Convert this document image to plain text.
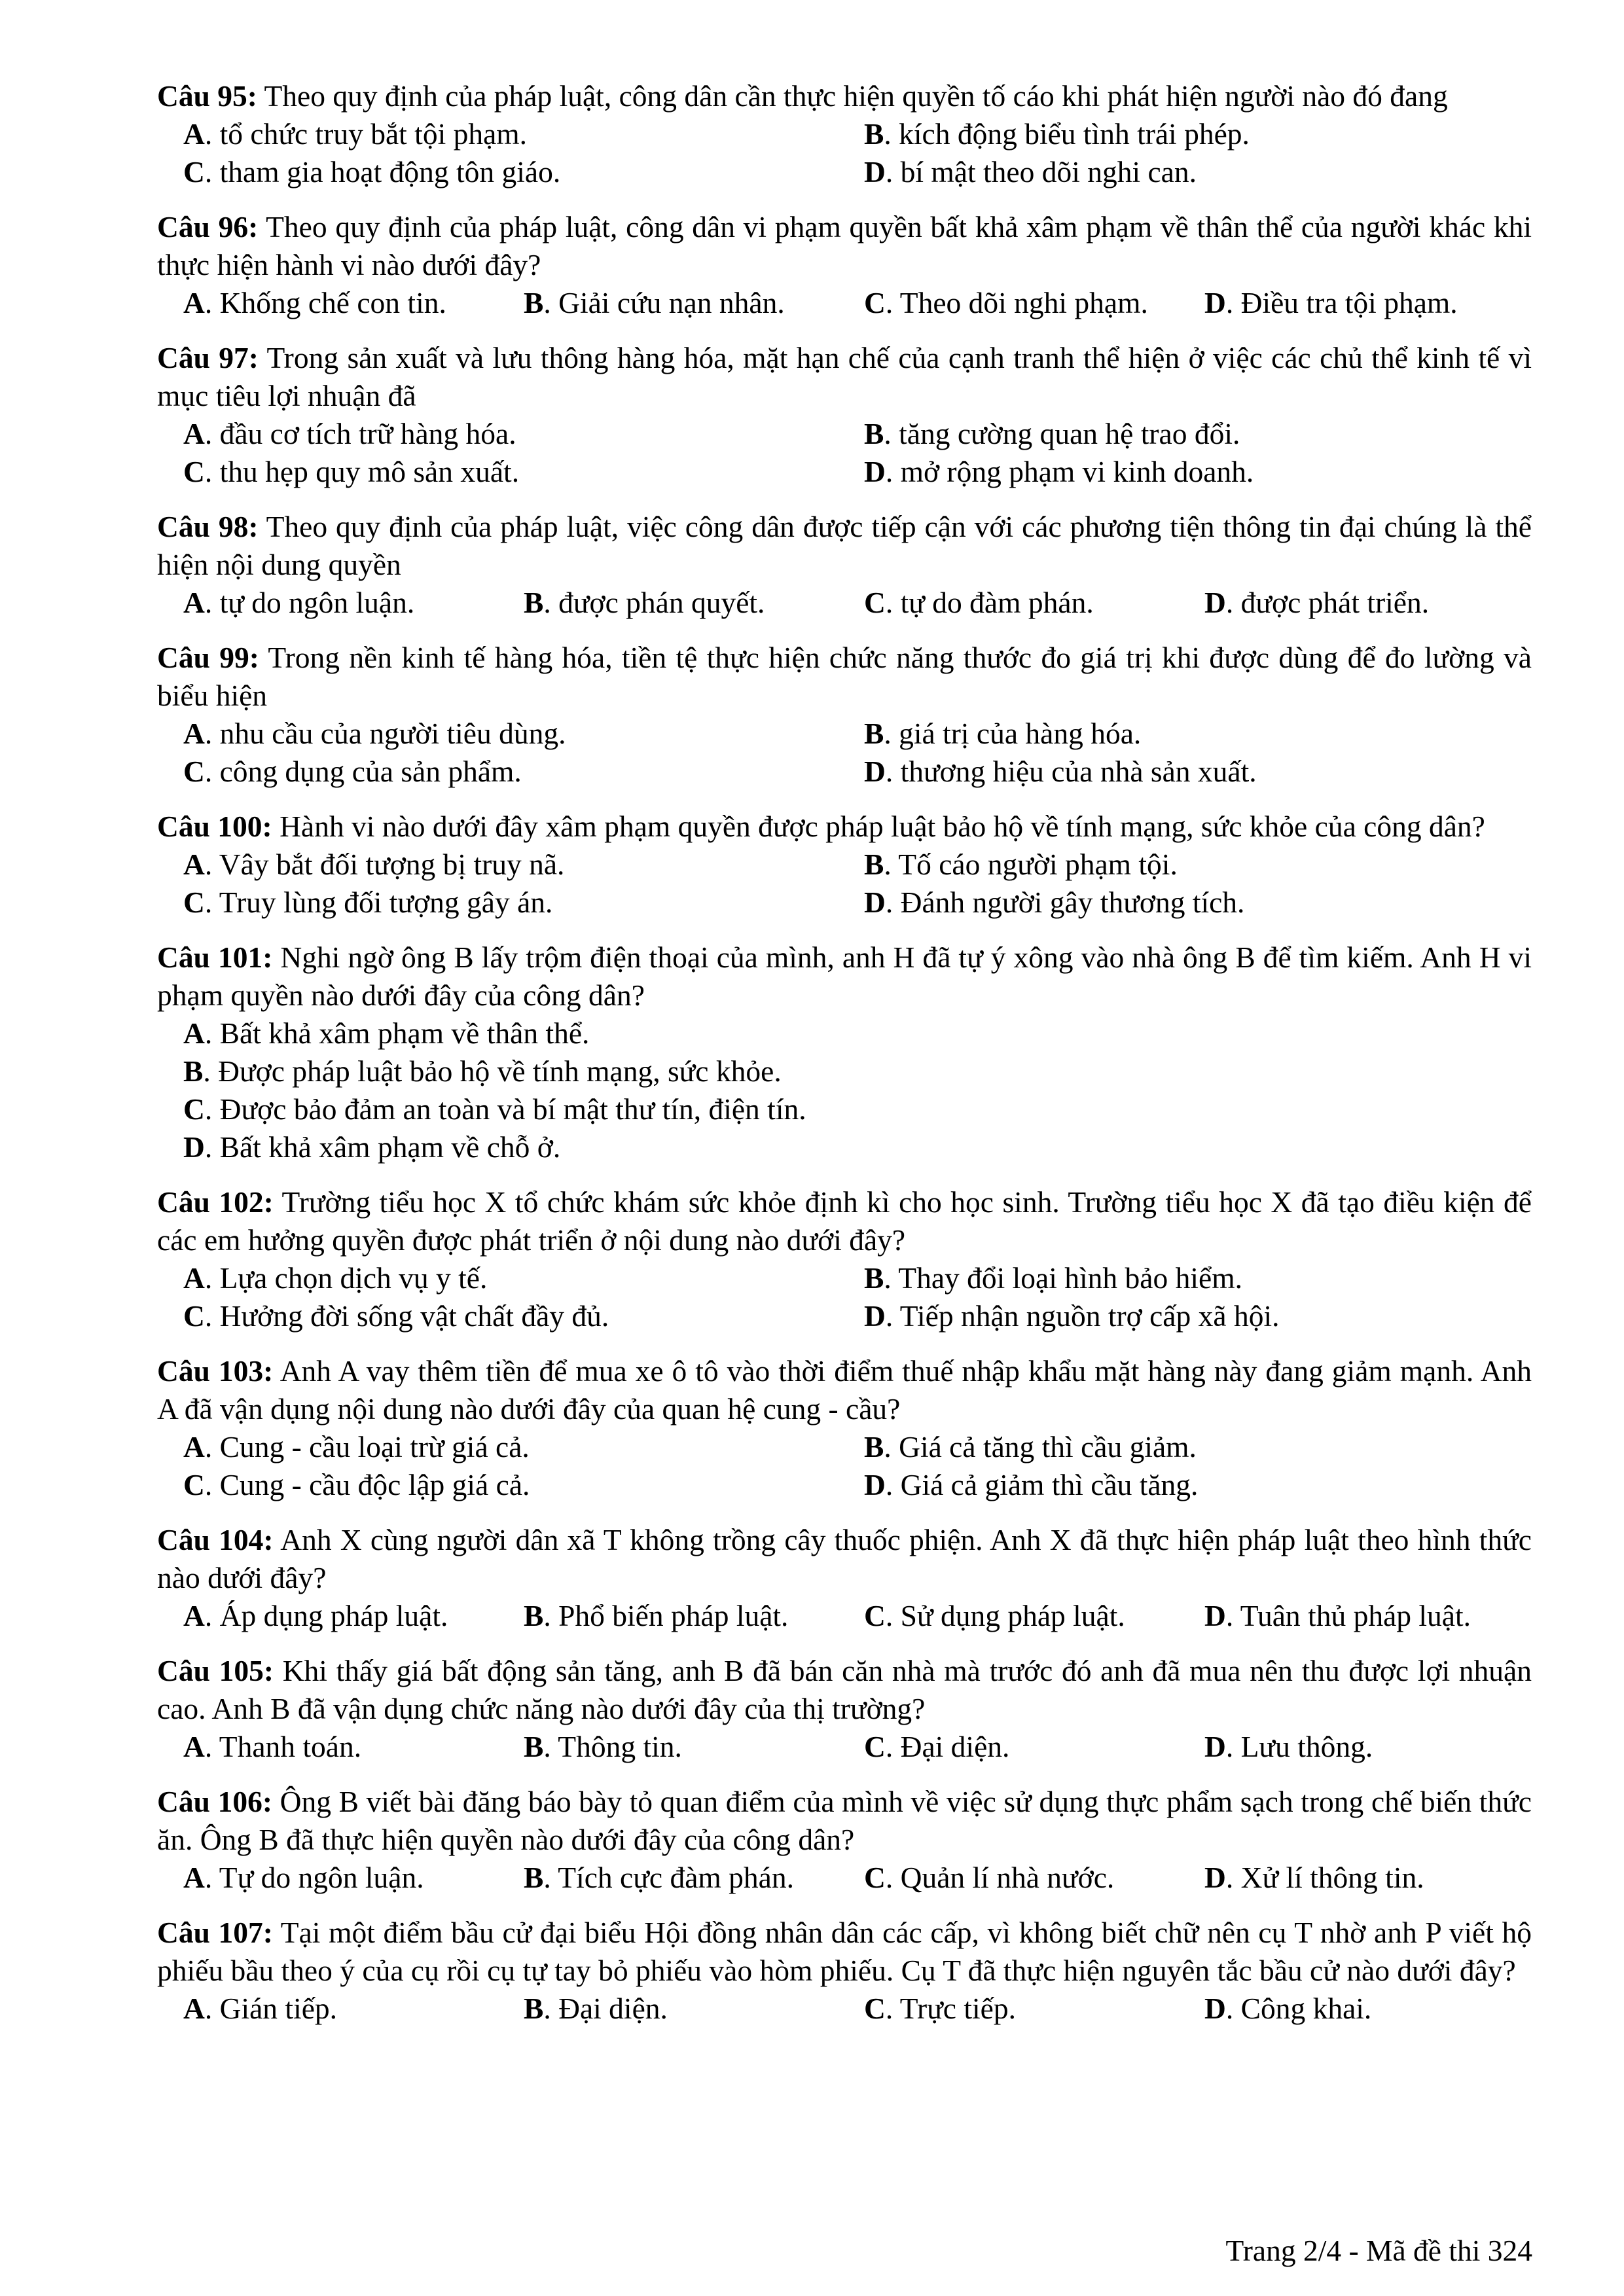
Câu 95: Theo quy định của pháp luật, công dân cần thực hiện quyền tố cáo khi phát hiện người nào đó đang
A. tổ chức truy bắt tội phạm.	B. kích động biểu tình trái phép.
C. tham gia hoạt động tôn giáo.	D. bí mật theo dõi nghi can.
Câu 96: Theo quy định của pháp luật, công dân vi phạm quyền bất khả xâm phạm về thân thể của người khác khi thực hiện hành vi nào dưới đây?
A. Khống chế con tin.	B. Giải cứu nạn nhân.	C. Theo dõi nghi phạm.	D. Điều tra tội phạm.
Câu 97: Trong sản xuất và lưu thông hàng hóa, mặt hạn chế của cạnh tranh thể hiện ở việc các chủ thể kinh tế vì mục tiêu lợi nhuận đã
A. đầu cơ tích trữ hàng hóa.	B. tăng cường quan hệ trao đổi.
C. thu hẹp quy mô sản xuất.	D. mở rộng phạm vi kinh doanh.
Câu 98: Theo quy định của pháp luật, việc công dân được tiếp cận với các phương tiện thông tin đại chúng là thể hiện nội dung quyền
A. tự do ngôn luận.	B. được phán quyết.	C. tự do đàm phán.	D. được phát triển.
Câu 99: Trong nền kinh tế hàng hóa, tiền tệ thực hiện chức năng thước đo giá trị khi được dùng để đo lường và biểu hiện
A. nhu cầu của người tiêu dùng.	B. giá trị của hàng hóa.
C. công dụng của sản phẩm.	D. thương hiệu của nhà sản xuất.
Câu 100: Hành vi nào dưới đây xâm phạm quyền được pháp luật bảo hộ về tính mạng, sức khỏe của công dân?
A. Vây bắt đối tượng bị truy nã.	B. Tố cáo người phạm tội.
C. Truy lùng đối tượng gây án.	D. Đánh người gây thương tích.
Câu 101: Nghi ngờ ông B lấy trộm điện thoại của mình, anh H đã tự ý xông vào nhà ông B để tìm kiếm. Anh H vi phạm quyền nào dưới đây của công dân?
A. Bất khả xâm phạm về thân thể.
B. Được pháp luật bảo hộ về tính mạng, sức khỏe.
C. Được bảo đảm an toàn và bí mật thư tín, điện tín.
D. Bất khả xâm phạm về chỗ ở.
Câu 102: Trường tiểu học X tổ chức khám sức khỏe định kì cho học sinh. Trường tiểu học X đã tạo điều kiện để các em hưởng quyền được phát triển ở nội dung nào dưới đây?
A. Lựa chọn dịch vụ y tế.	B. Thay đổi loại hình bảo hiểm.
C. Hưởng đời sống vật chất đầy đủ.	D. Tiếp nhận nguồn trợ cấp xã hội.
Câu 103: Anh A vay thêm tiền để mua xe ô tô vào thời điểm thuế nhập khẩu mặt hàng này đang giảm mạnh. Anh A đã vận dụng nội dung nào dưới đây của quan hệ cung - cầu?
A. Cung - cầu loại trừ giá cả.	B. Giá cả tăng thì cầu giảm.
C. Cung - cầu độc lập giá cả.	D. Giá cả giảm thì cầu tăng.
Câu 104: Anh X cùng người dân xã T không trồng cây thuốc phiện. Anh X đã thực hiện pháp luật theo hình thức nào dưới đây?
A. Áp dụng pháp luật.	B. Phổ biến pháp luật.	C. Sử dụng pháp luật.	D. Tuân thủ pháp luật.
Câu 105: Khi thấy giá bất động sản tăng, anh B đã bán căn nhà mà trước đó anh đã mua nên thu được lợi nhuận cao. Anh B đã vận dụng chức năng nào dưới đây của thị trường?
A. Thanh toán.	B. Thông tin.	C. Đại diện.	D. Lưu thông.
Câu 106: Ông B viết bài đăng báo bày tỏ quan điểm của mình về việc sử dụng thực phẩm sạch trong chế biến thức ăn. Ông B đã thực hiện quyền nào dưới đây của công dân?
A. Tự do ngôn luận.	B. Tích cực đàm phán.	C. Quản lí nhà nước.	D. Xử lí thông tin.
Câu 107: Tại một điểm bầu cử đại biểu Hội đồng nhân dân các cấp, vì không biết chữ nên cụ T nhờ anh P viết hộ phiếu bầu theo ý của cụ rồi cụ tự tay bỏ phiếu vào hòm phiếu. Cụ T đã thực hiện nguyên tắc bầu cử nào dưới đây?
A. Gián tiếp.	B. Đại diện.	C. Trực tiếp.	D. Công khai.
Trang 2/4 - Mã đề thi 324
